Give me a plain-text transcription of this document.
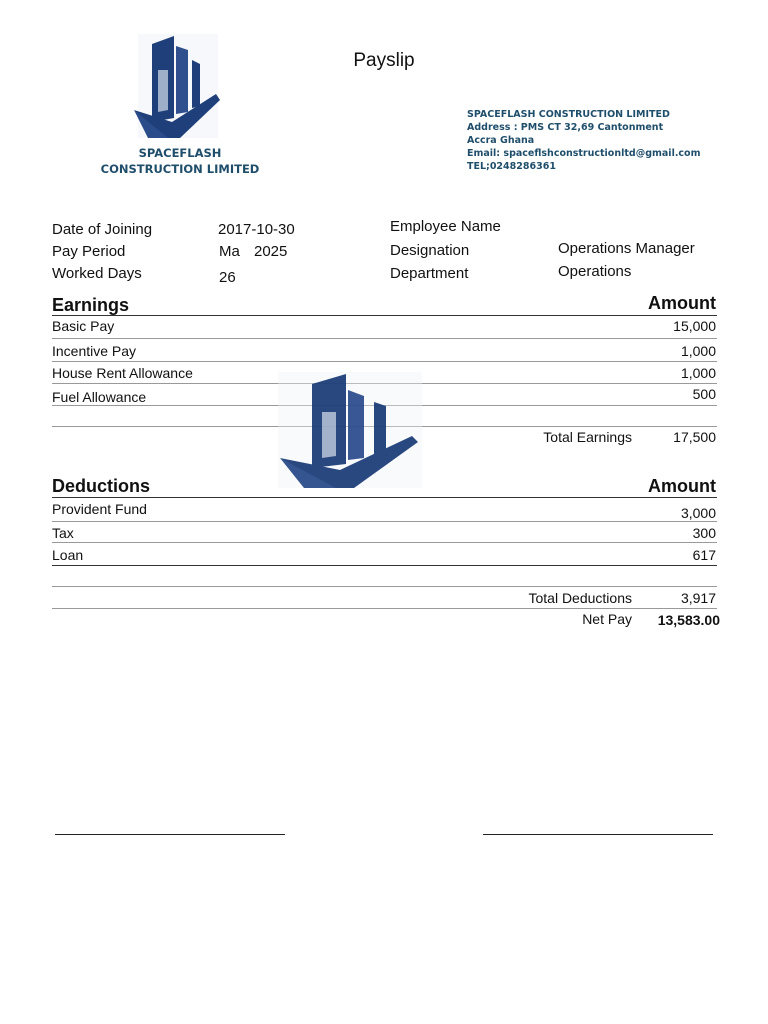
SPACEFLASH CONSTRUCTION LIMITED
Payslip
SPACEFLASH CONSTRUCTION LIMITED
Address : PMS CT 32,69 Cantonment
Accra Ghana
Email: spaceflshconstructionltd@gmail.com
TEL;0248286361
Date of Joining	2017-10-30
Pay Period	Ma 2025
Worked Days	26
Employee Name
Designation	Operations Manager
Department	Operations
Earnings	Amount
Basic Pay	15,000
Incentive Pay	1,000
House Rent Allowance	1,000
Fuel Allowance	500
Total Earnings	17,500
Deductions	Amount
Provident Fund	3,000
Tax	300
Loan	617
Total Deductions	3,917
Net Pay 13,583.00
